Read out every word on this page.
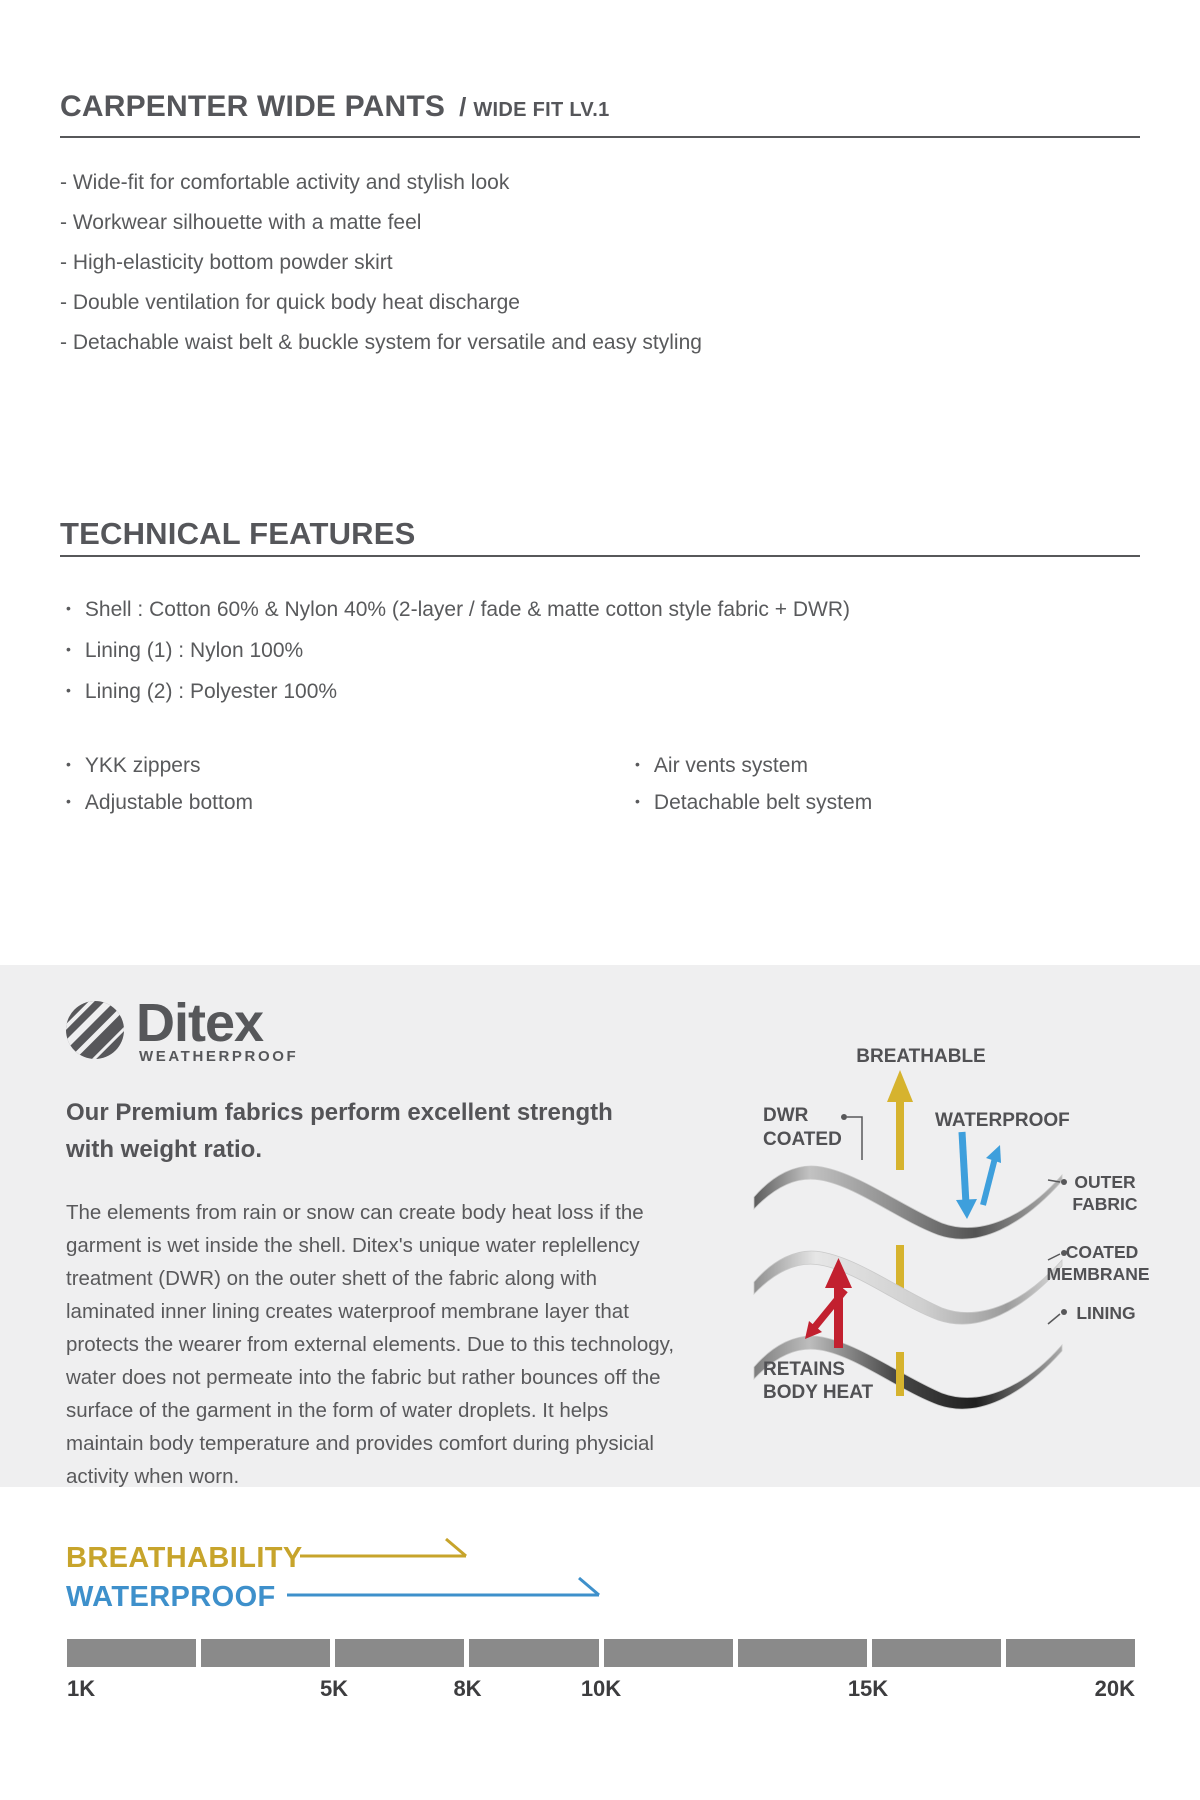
CARPENTER WIDE PANTS / WIDE FIT LV.1
- Wide-fit for comfortable activity and stylish look
- Workwear silhouette with a matte feel
- High-elasticity bottom powder skirt
- Double ventilation for quick body heat discharge
- Detachable waist belt & buckle system for versatile and easy styling
TECHNICAL FEATURES
• Shell : Cotton 60% & Nylon 40% (2-layer / fade & matte cotton style fabric + DWR)
• Lining (1) : Nylon 100%
• Lining (2) : Polyester 100%
• YKK zippers
• Adjustable bottom
• Air vents system
• Detachable belt system
Ditex
WEATHERPROOF
Our Premium fabrics perform excellent strength with weight ratio.
The elements from rain or snow can create body heat loss if the garment is wet inside the shell. Ditex's unique water replellency treatment (DWR) on the outer shett of the fabric along with laminated inner lining creates waterproof membrane layer that protects the wearer from external elements. Due to this technology, water does not permeate into the fabric but rather bounces off the surface of the garment in the form of water droplets. It helps maintain body temperature and provides comfort during physicial activity when worn.
BREATHABLE
WATERPROOF
DWR
COATED
RETAINS
BODY HEAT
OUTER
FABRIC
COATED
MEMBRANE
LINING
BREATHABILITY
WATERPROOF
1K	5K	8K	10K	15K	20K
